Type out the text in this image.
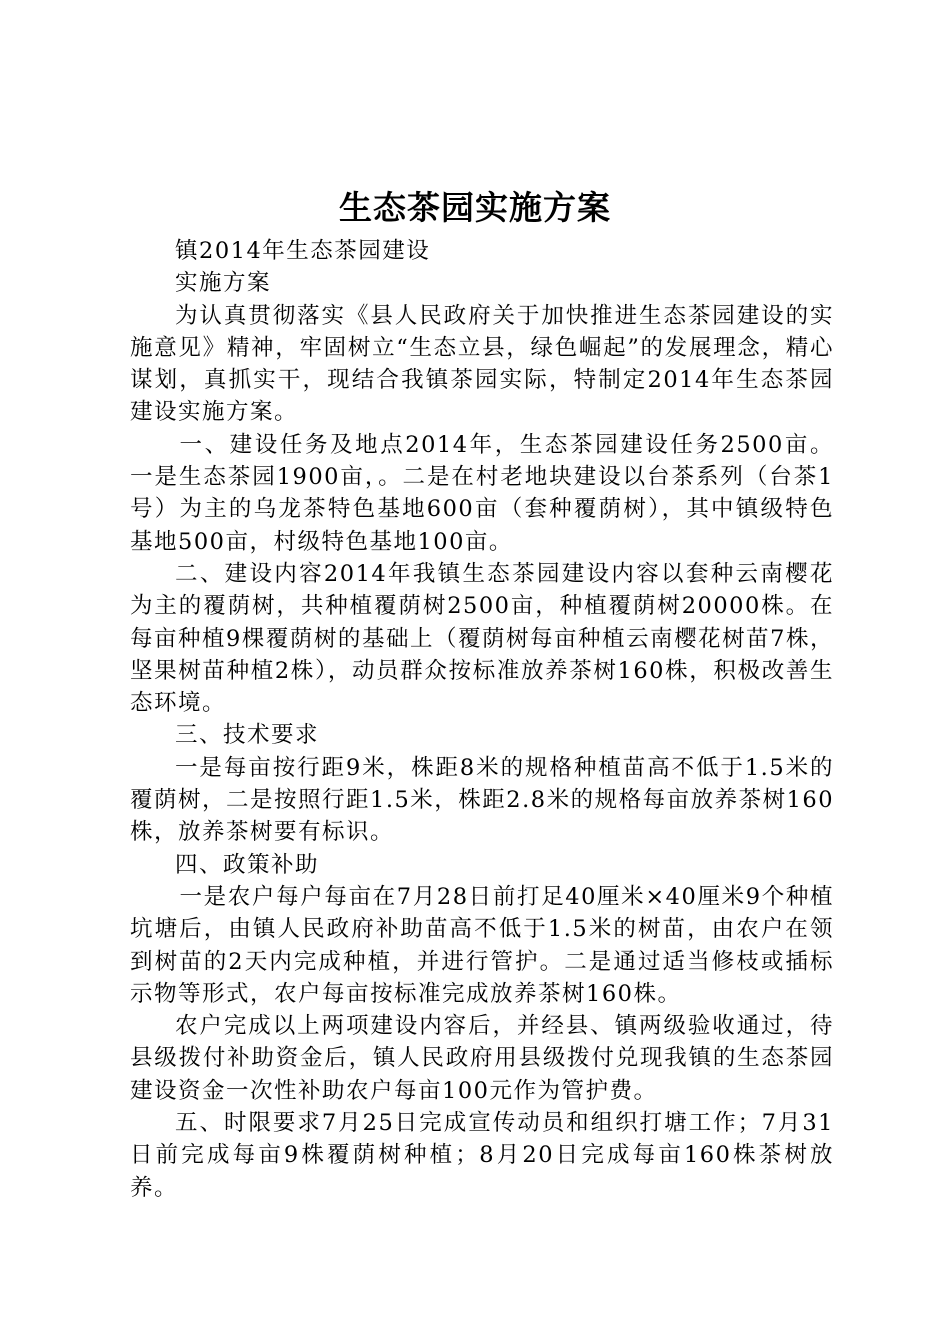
生态茶园实施方案

镇2014年生态茶园建设

实施方案

为认真贯彻落实《县人民政府关于加快推进生态茶园建设的实施意见》精神，牢固树立“生态立县，绿色崛起”的发展理念，精心谋划，真抓实干，现结合我镇茶园实际，特制定2014年生态茶园建设实施方案。

一、建设任务及地点2014年，生态茶园建设任务2500亩。一是生态茶园1900亩，。二是在村老地块建设以台茶系列（台茶1号）为主的乌龙茶特色基地600亩（套种覆荫树），其中镇级特色基地500亩，村级特色基地100亩。

二、建设内容2014年我镇生态茶园建设内容以套种云南樱花为主的覆荫树，共种植覆荫树2500亩，种植覆荫树20000株。在每亩种植9棵覆荫树的基础上（覆荫树每亩种植云南樱花树苗7株，坚果树苗种植2株），动员群众按标准放养茶树160株，积极改善生态环境。

三、技术要求

一是每亩按行距9米，株距8米的规格种植苗高不低于1.5米的覆荫树，二是按照行距1.5米，株距2.8米的规格每亩放养茶树160株，放养茶树要有标识。

四、政策补助

一是农户每户每亩在7月28日前打足40厘米×40厘米9个种植坑塘后，由镇人民政府补助苗高不低于1.5米的树苗，由农户在领到树苗的2天内完成种植，并进行管护。二是通过适当修枝或插标示物等形式，农户每亩按标准完成放养茶树160株。

农户完成以上两项建设内容后，并经县、镇两级验收通过，待县级拨付补助资金后，镇人民政府用县级拨付兑现我镇的生态茶园建设资金一次性补助农户每亩100元作为管护费。

五、时限要求7月25日完成宣传动员和组织打塘工作；7月31日前完成每亩9株覆荫树种植；8月20日完成每亩160株茶树放养。
